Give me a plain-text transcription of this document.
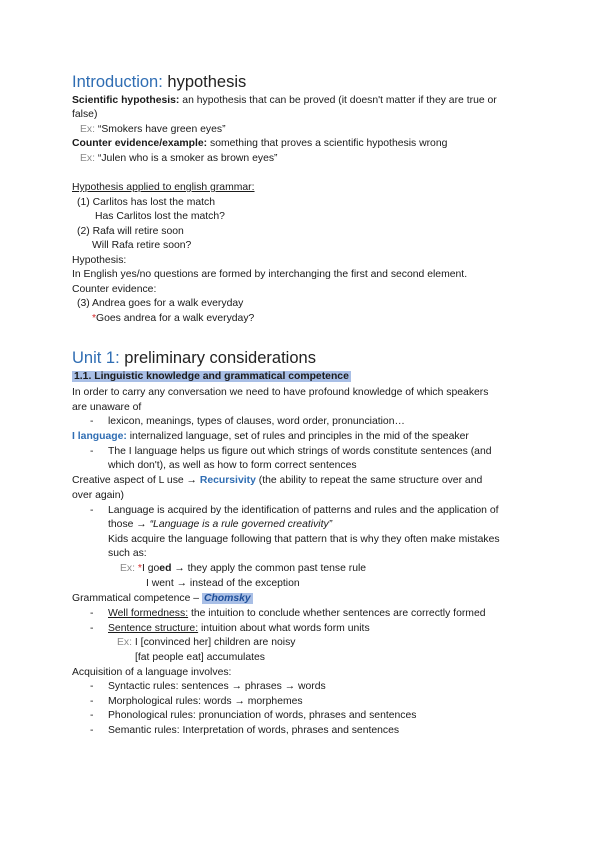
Introduction: hypothesis
Scientific hypothesis: an hypothesis that can be proved (it doesn't matter if they are true or
false)
Ex: “Smokers have green eyes”
Counter evidence/example: something that proves a scientific hypothesis wrong
Ex: “Julen who is a smoker as brown eyes”
Hypothesis applied to english grammar:
(1) Carlitos has lost the match
Has Carlitos lost the match?
(2) Rafa will retire soon
Will Rafa retire soon?
Hypothesis:
In English yes/no questions are formed by interchanging the first and second element.
Counter evidence:
(3) Andrea goes for a walk everyday
*Goes andrea for a walk everyday?
Unit 1: preliminary considerations
1.1. Linguistic knowledge and grammatical competence
In order to carry any conversation we need to have profound knowledge of which speakers
are unaware of
- lexicon, meanings, types of clauses, word order, pronunciation…
I language: internalized language, set of rules and principles in the mid of the speaker
- The I language helps us figure out which strings of words constitute sentences (and
which don't), as well as how to form correct sentences
Creative aspect of L use → Recursivity (the ability to repeat the same structure over and
over again)
- Language is acquired by the identification of patterns and rules and the application of
those → “Language is a rule governed creativity”
Kids acquire the language following that pattern that is why they often make mistakes
such as:
Ex: *I goed → they apply the common past tense rule
I went → instead of the exception
Grammatical competence – Chomsky
- Well formedness: the intuition to conclude whether sentences are correctly formed
- Sentence structure: intuition about what words form units
Ex: I [convinced her] children are noisy
[fat people eat] accumulates
Acquisition of a language involves:
- Syntactic rules: sentences → phrases → words
- Morphological rules: words → morphemes
- Phonological rules: pronunciation of words, phrases and sentences
- Semantic rules: Interpretation of words, phrases and sentences
